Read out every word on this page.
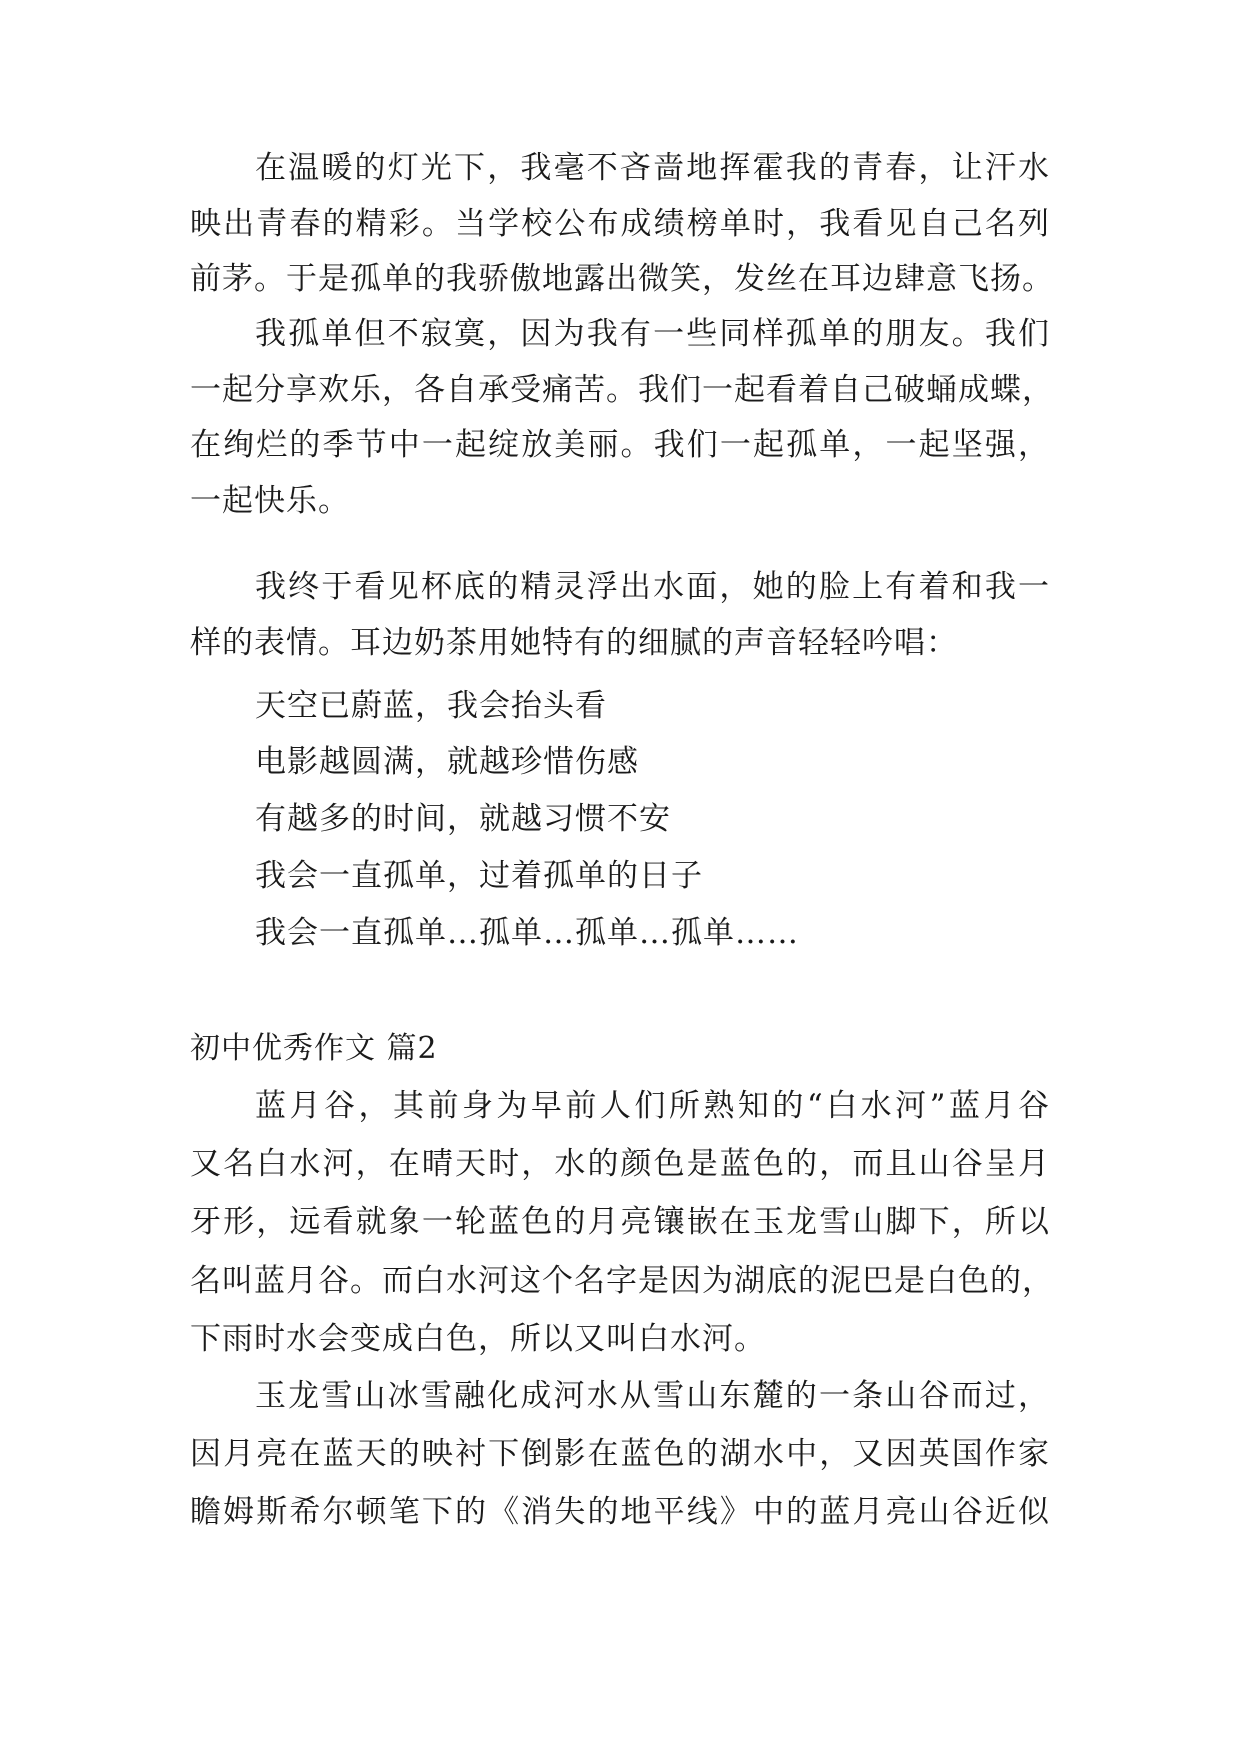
在温暖的灯光下，我毫不吝啬地挥霍我的青春，让汗水
映出青春的精彩。当学校公布成绩榜单时，我看见自己名列
前茅。于是孤单的我骄傲地露出微笑，发丝在耳边肆意飞扬。
我孤单但不寂寞，因为我有一些同样孤单的朋友。我们
一起分享欢乐，各自承受痛苦。我们一起看着自己破蛹成蝶，
在绚烂的季节中一起绽放美丽。我们一起孤单，一起坚强，
一起快乐。
我终于看见杯底的精灵浮出水面，她的脸上有着和我一
样的表情。耳边奶茶用她特有的细腻的声音轻轻吟唱：
天空已蔚蓝，我会抬头看
电影越圆满，就越珍惜伤感
有越多的时间，就越习惯不安
我会一直孤单，过着孤单的日子
我会一直孤单…孤单…孤单…孤单……
初中优秀作文 篇2
蓝月谷，其前身为早前人们所熟知的“白水河”蓝月谷
又名白水河，在晴天时，水的颜色是蓝色的，而且山谷呈月
牙形，远看就象一轮蓝色的月亮镶嵌在玉龙雪山脚下，所以
名叫蓝月谷。而白水河这个名字是因为湖底的泥巴是白色的，
下雨时水会变成白色，所以又叫白水河。
玉龙雪山冰雪融化成河水从雪山东麓的一条山谷而过，
因月亮在蓝天的映衬下倒影在蓝色的湖水中，又因英国作家
瞻姆斯希尔顿笔下的《消失的地平线》中的蓝月亮山谷近似
